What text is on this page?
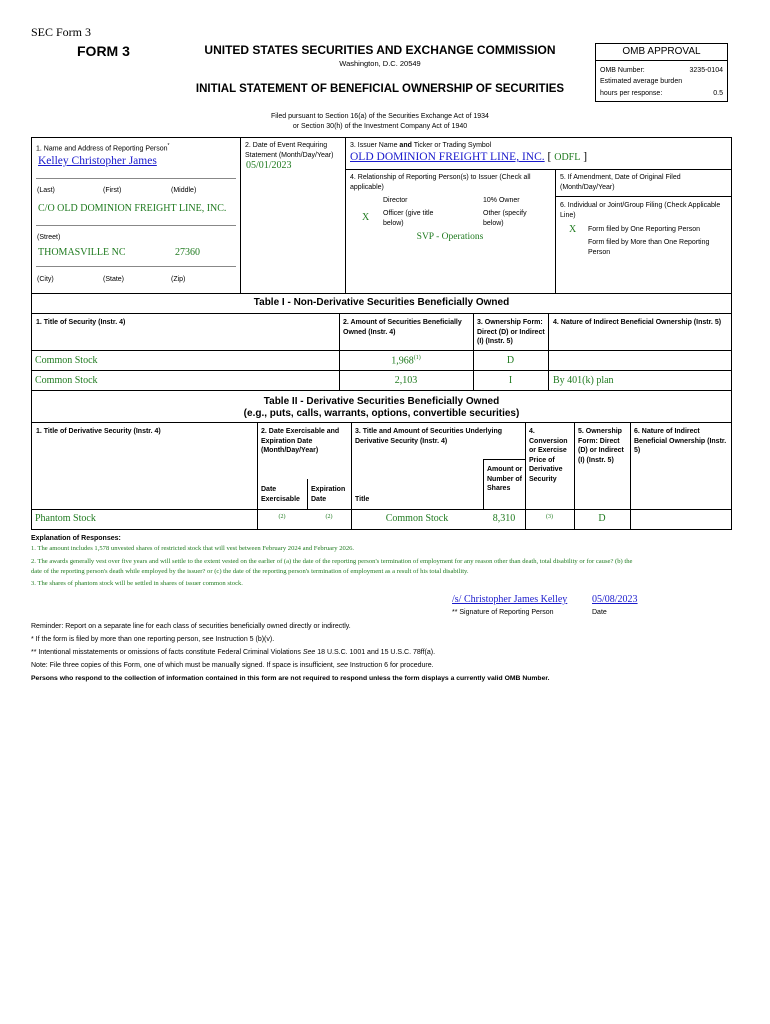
SEC Form 3
FORM 3	UNITED STATES SECURITIES AND EXCHANGE COMMISSION
Washington, D.C. 20549
INITIAL STATEMENT OF BENEFICIAL OWNERSHIP OF SECURITIES
Filed pursuant to Section 16(a) of the Securities Exchange Act of 1934
or Section 30(h) of the Investment Company Act of 1940
OMB APPROVAL
OMB Number:	3235-0104
Estimated average burden
hours per response:	0.5
1. Name and Address of Reporting Person*
Kelley Christopher James
(Last)	(First)	(Middle)
C/O OLD DOMINION FREIGHT LINE, INC.
(Street)
THOMASVILLE NC	27360
(City)	(State)	(Zip)
2. Date of Event Requiring Statement (Month/Day/Year)
05/01/2023
3. Issuer Name and Ticker or Trading Symbol
OLD DOMINION FREIGHT LINE, INC. [ ODFL ]
4. Relationship of Reporting Person(s) to Issuer (Check all applicable)
Director	10% Owner
X Officer (give title below)
Other (specify below)
SVP - Operations
5. If Amendment, Date of Original Filed (Month/Day/Year)
6. Individual or Joint/Group Filing (Check Applicable Line)
X Form filed by One Reporting Person
Form filed by More than One Reporting Person
Table I - Non-Derivative Securities Beneficially Owned
1. Title of Security (Instr. 4)	2. Amount of Securities Beneficially Owned (Instr. 4)
3. Ownership Form: Direct (D) or Indirect (I) (Instr. 5)
4. Nature of Indirect Beneficial Ownership (Instr. 5)
Common Stock	1,968$^{(1)}$	D
Common Stock	2,103	I	By 401(k) plan
Table II - Derivative Securities Beneficially Owned
(e.g., puts, calls, warrants, options, convertible securities)
1. Title of Derivative Security (Instr. 4)	2. Date Exercisable and Expiration Date (Month/Day/Year)
3. Title and Amount of Securities Underlying Derivative Security (Instr. 4)
4. Conversion or Exercise Price of Derivative Security
5. Ownership Form: Direct (D) or Indirect (I) (Instr. 5)
6. Nature of Indirect Beneficial Ownership (Instr. 5)
Date Exercisable
Expiration Date	Title
Amount or Number of Shares
Phantom Stock	(2)	(2)	Common Stock	8,310	(3)	D
Explanation of Responses:
1. The amount includes 1,578 unvested shares of restricted stock that will vest between February 2024 and February 2026.
2. The awards generally vest over five years and will settle to the extent vested on the earlier of (a) the date of the reporting person's termination of employment for any reason other than death, total disability or for cause? (b) the
date of the reporting person's death while employed by the issuer? or (c) the date of the reporting person's termination of employment as a result of his total disability.
3. The shares of phantom stock will be settled in shares of issuer common stock.
/s/ Christopher James Kelley 05/08/2023
** Signature of Reporting Person	Date
Reminder: Report on a separate line for each class of securities beneficially owned directly or indirectly.
* If the form is filed by more than one reporting person, see Instruction 5 (b)(v).
** Intentional misstatements or omissions of facts constitute Federal Criminal Violations See 18 U.S.C. 1001 and 15 U.S.C. 78ff(a).
Note: File three copies of this Form, one of which must be manually signed. If space is insufficient, see Instruction 6 for procedure.
Persons who respond to the collection of information contained in this form are not required to respond unless the form displays a currently valid OMB Number.
